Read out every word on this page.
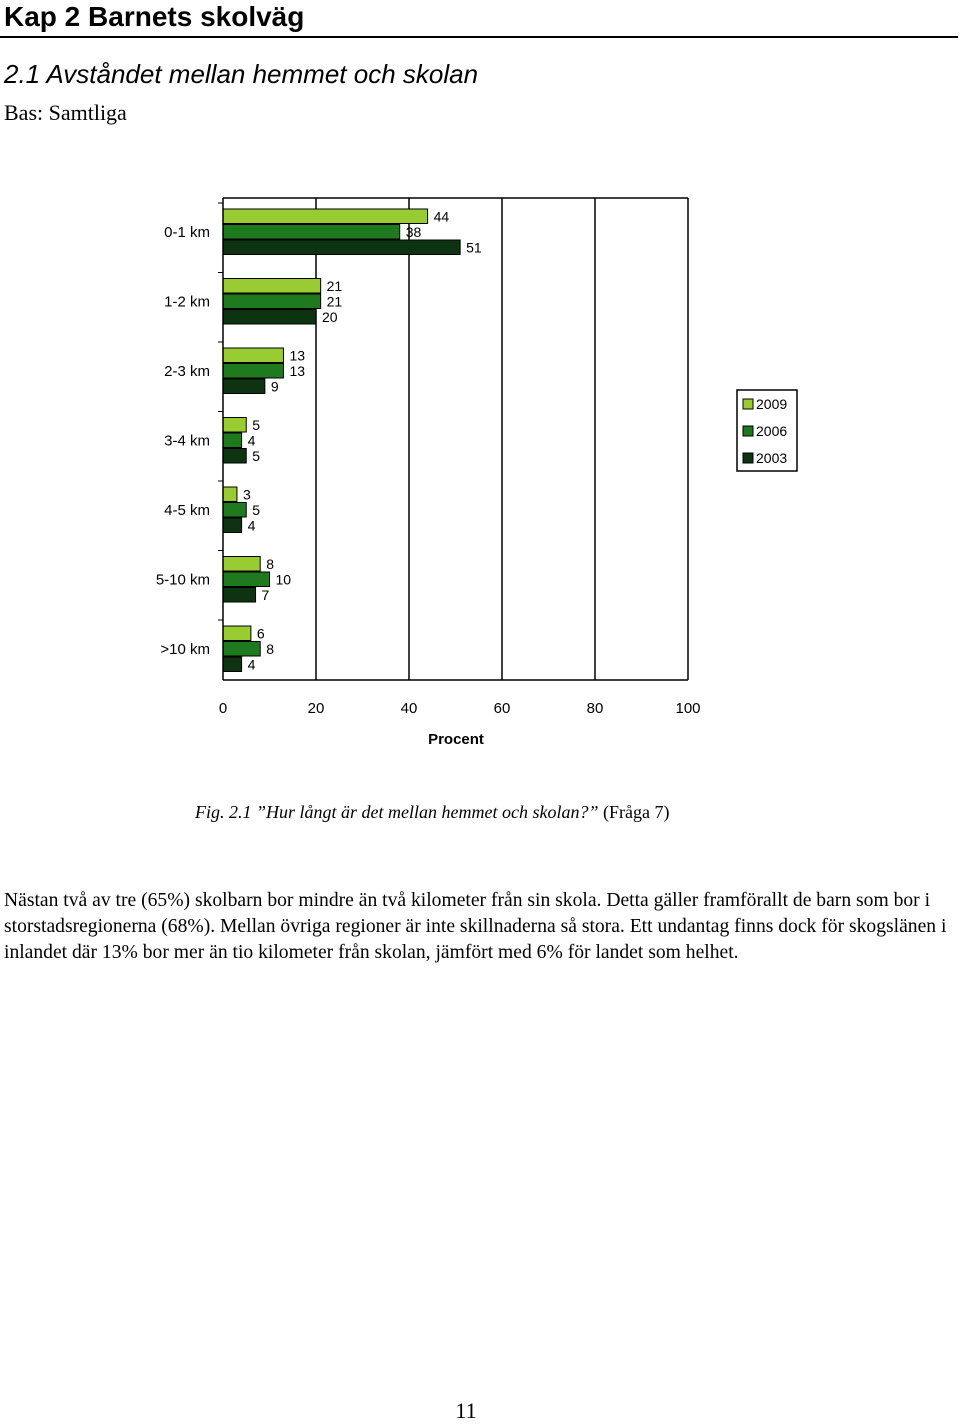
Kap 2 Barnets skolväg
2.1 Avståndet mellan hemmet och skolan
Bas: Samtliga
44
38
51
21
21
20
13
13
9
5
4
5
3
5
4
8
10
7
6
8
4
0-1 km
1-2 km
2-3 km
3-4 km
4-5 km
5-10 km
>10 km
0	20	40	60	80	100
Procent
2009
2006
2003
Fig. 2.1 ”Hur långt är det mellan hemmet och skolan?” (Fråga 7)

Nästan två av tre (65%) skolbarn bor mindre än två kilometer från sin skola. Detta gäller framförallt de barn som bor i storstadsregionerna (68%). Mellan övriga regioner är inte skillnaderna så stora. Ett undantag finns dock för skogslänen i inlandet där 13% bor mer än tio kilometer från skolan, jämfört med 6% för landet som helhet.

11
